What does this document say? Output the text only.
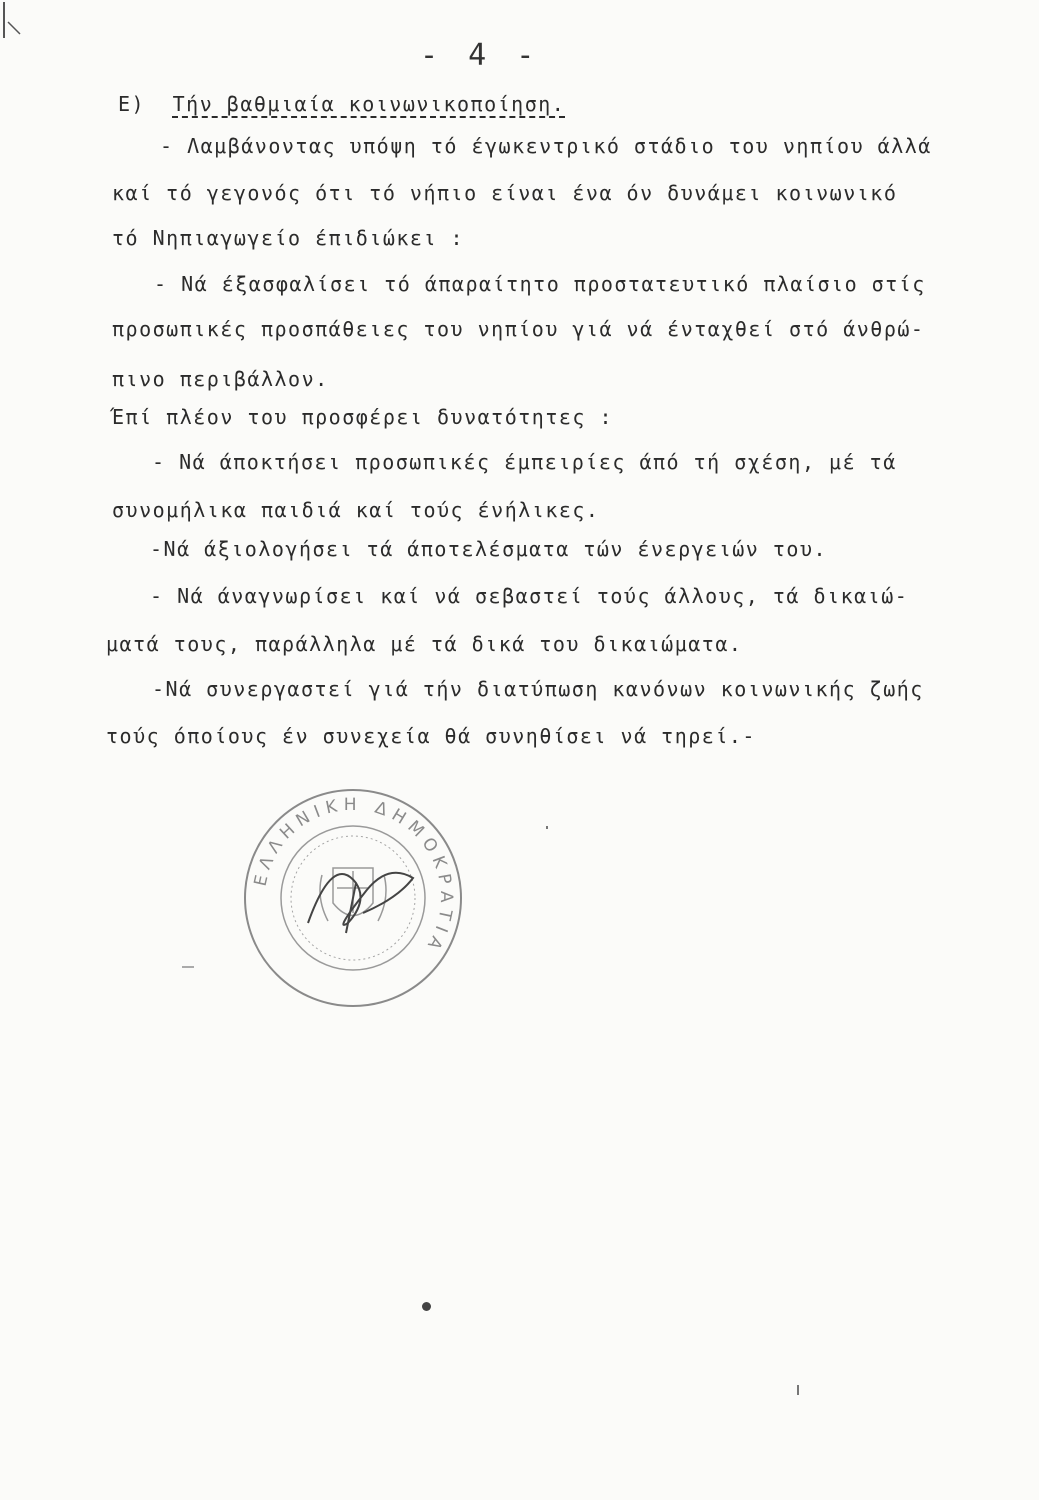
- 4 -
Ε) Τήν βαθμιαία κοινωνικοποίηση.
- Λαμβάνοντας υπόψη τό έγωκεντρικό στάδιο του νηπίου άλλά
καί τό γεγονός ότι τό νήπιο είναι ένα όν δυνάμει κοινωνικό
τό Νηπιαγωγείο έπιδιώκει :
- Νά έξασφαλίσει τό άπαραίτητο προστατευτικό πλαίσιο στίς
προσωπικές προσπάθειες του νηπίου γιά νά ένταχθεί στό άνθρώ-
πινο περιβάλλον.
Έπί πλέον του προσφέρει δυνατότητες :
- Νά άποκτήσει προσωπικές έμπειρίες άπό τή σχέση, μέ τά
συνομήλικα παιδιά καί τούς ένήλικες.
-Νά άξιολογήσει τά άποτελέσματα τών ένεργειών του.
- Νά άναγνωρίσει καί νά σεβαστεί τούς άλλους, τά δικαιώ-
ματά τους, παράλληλα μέ τά δικά του δικαιώματα.
-Νά συνεργαστεί γιά τήν διατύπωση κανόνων κοινωνικής ζωής
τούς όποίους έν συνεχεία θά συνηθίσει νά τηρεί.-
ΕΛΛΗΝΙΚΗ ΔΗΜΟΚΡΑΤΙΑ
